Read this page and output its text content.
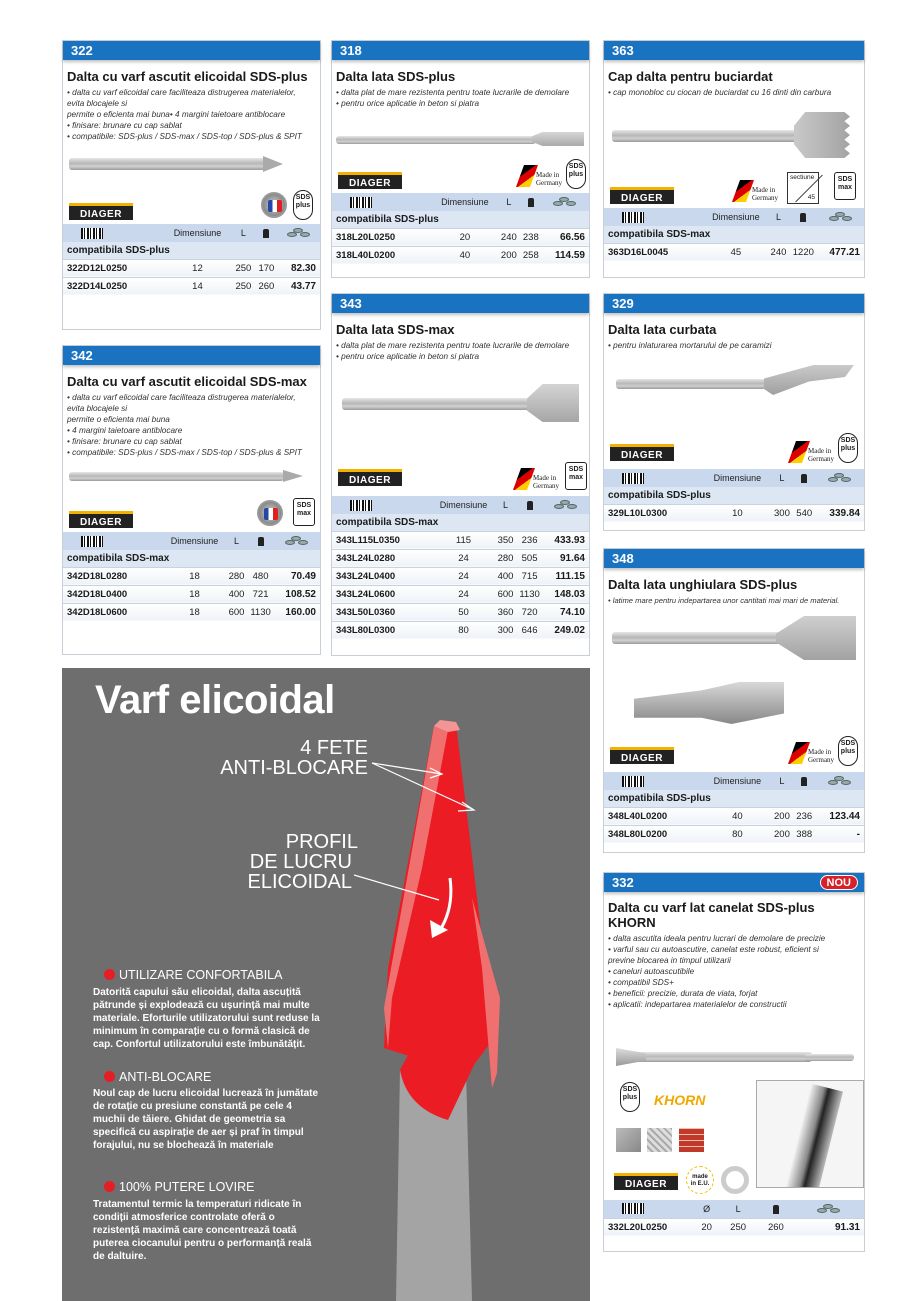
322
Dalta cu varf ascutit elicoidal SDS-plus
• dalta cu varf elicoidal care faciliteaza distrugerea materialelor,
evita blocajele si
permite o eficienta mai buna• 4 margini taietoare antiblocare
• finisare: brunare cu cap sablat
• compatibile: SDS-plus / SDS-max / SDS-top / SDS-plus & SPIT
DIAGER
SDS
plus
	Dimensiune	L		

compatibila SDS-plus				
322D12L0250	12	250	170	82.30
322D14L0250	14	250	260	43.77
342
Dalta cu varf ascutit elicoidal SDS-max
• dalta cu varf elicoidal care faciliteaza distrugerea materialelor,
evita blocajele si
permite o eficienta mai buna
• 4 margini taietoare antiblocare
• finisare: brunare cu cap sablat
• compatibile: SDS-plus / SDS-max / SDS-top / SDS-plus & SPIT
DIAGER
SDS
max
	Dimensiune	L		

compatibila SDS-max				
342D18L0280	18	280	480	70.49
342D18L0400	18	400	721	108.52
342D18L0600	18	600	1130	160.00
318
Dalta lata SDS-plus
• dalta plat de mare rezistenta pentru toate lucrarile de demolare
• pentru orice aplicatie in beton si piatra
DIAGER
Made in
Germany
SDS
plus
	Dimensiune	L		

compatibila SDS-plus				
318L20L0250	20	240	238	66.56
318L40L0200	40	200	258	114.59
343
Dalta lata SDS-max
• dalta plat de mare rezistenta pentru toate lucrarile de demolare
• pentru orice aplicatie in beton si piatra
DIAGER	Made in
Germany
SDS
max
	Dimensiune	L		

compatibila SDS-max				
343L115L0350	115	350	236	433.93
343L24L0280	24	280	505	91.64
343L24L0400	24	400	715	111.15
343L24L0600	24	600	1130	148.03
343L50L0360	50	360	720	74.10
343L80L0300	80	300	646	249.02
363
Cap dalta pentru buciardat
• cap monobloc cu ciocan de buciardat cu 16 dinti din carbura
DIAGER
Made in
Germany
sectiune
45
SDS
max
	Dimensiune	L		

compatibila SDS-max				
363D16L0045	45	240	1220	477.21
329
Dalta lata curbata
• pentru inlaturarea mortarului de pe caramizi
DIAGER	Made in
Germany
SDS
plus
	Dimensiune	L		

compatibila SDS-plus				
329L10L0300	10	300	540	339.84
348
Dalta lata unghiulara SDS-plus
• latime mare pentru indepartarea unor cantitati mai mari de material.
DIAGER
Made in
Germany
SDS
plus
	Dimensiune	L		

compatibila SDS-plus				
348L40L0200	40	200	236	123.44
348L80L0200	80	200	388	-
332	NOU
Dalta cu varf lat canelat SDS-plus
KHORN
• dalta ascutita ideala pentru lucrari de demolare de precizie
• varful sau cu autoascutire, canelat este robust, eficient si
previne blocarea in timpul utilizarii
• caneluri autoascutibile
• compatibil SDS+
• beneficii: precizie, durata de viata, forjat
• aplicatii: indepartarea materialelor de constructii
SDS
plus KHORN
DIAGER
made
in E.U.
	Ø	L		

332L20L0250	20	250	260	91.31
Varf elicoidal
4 FETE
ANTI-BLOCARE
PROFIL
DE LUCRU
ELICOIDAL
UTILIZARE CONFORTABILA
Datorită capului său elicoidal, dalta ascuțită pătrunde și explodează cu ușurință mai multe materiale. Eforturile utilizatorului sunt reduse la minimum în comparație cu o formă clasică de cap. Confortul utilizatorului este îmbunătățit.
ANTI-BLOCARE
Noul cap de lucru elicoidal lucrează în jumătate de rotație cu presiune constantă pe cele 4 muchii de tăiere. Ghidat de geometria sa specifică cu aspirație de aer și praf în timpul forajului, nu se blochează în materiale
100% PUTERE LOVIRE
Tratamentul termic la temperaturi ridicate în condiții atmosferice controlate oferă o rezistență maximă care concentrează toată puterea ciocanului pentru o performanță reală de daltuire.
